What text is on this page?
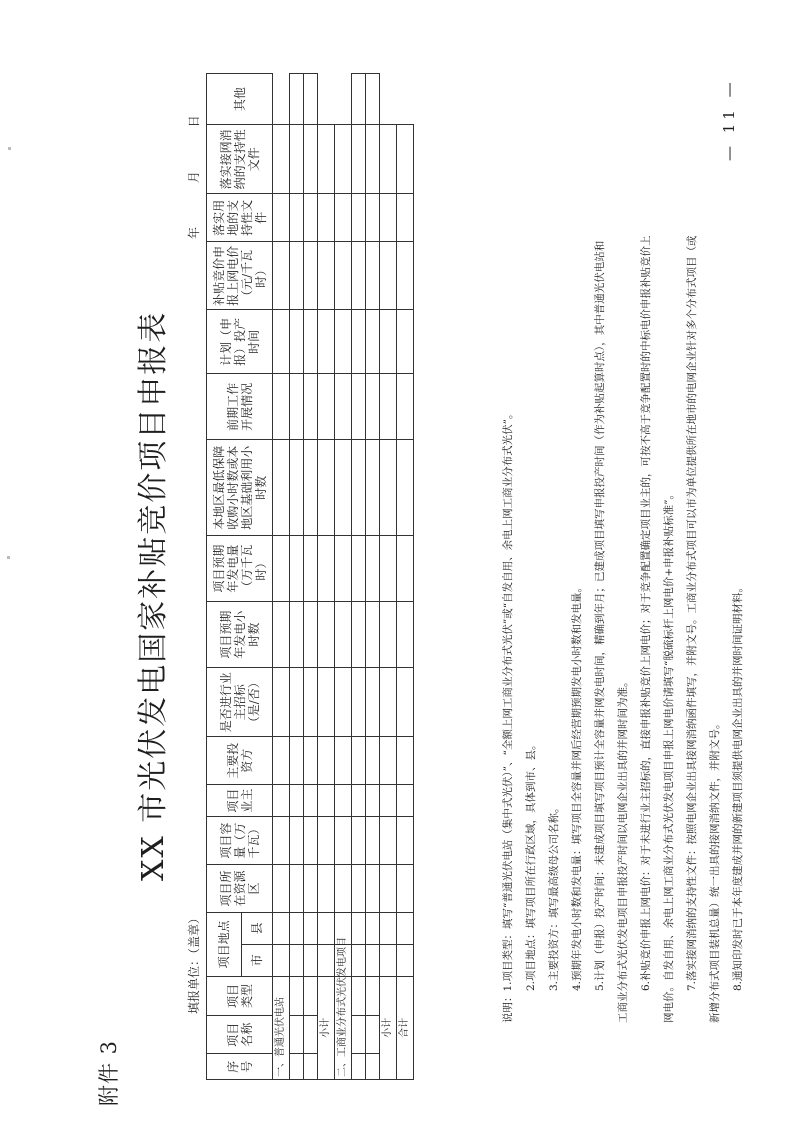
附件 3
XX 市光伏发电国家补贴竞价项目申报表
填报单位：（盖章）
年 月 日
序号	项目名称	项目类型	项目地点		项目所在资源区	项目容量（万千瓦）	项目业主	主要投资方	是否进行业主招标（是/否）	项目预期年发电小时数	项目预期年发电量（万千瓦时）	本地区最低保障收购小时数或本地区基础利用小时数	前期工作开展情况	计划（申报）投产时间	补贴竞价申报上网电价（元/千瓦时）	落实用地的支持性文件	落实接网消纳的支持性文件	其他
			市	县														
一、普通光伏电站																		

小计																		
二、工商业分布式光伏发电项目																		

小计																		
合计																		
说明：1.项目类型：填写“普通光伏电站（集中式光伏）”、“全额上网工商业分布式光伏”或“自发自用、余电上网工商业分布式光伏”。	2.项目地点：填写项目所在行政区域，具体到市、县。	3.主要投资方：填写最高级母公司名称。	4.预期年发电小时数和发电量：填写项目全容量并网后经营期预期发电小时数和发电量。	5.计划（申报）投产时间：未建成项目填写项目预计全容量并网发电时间，精确到年月；已建成项目填写申报投产时间（作为补贴起算时点），其中普通光伏电站和	工商业分布式光伏发电项目申报投产时间以电网企业出具的并网时间为准。	6.补贴竞价申报上网电价：对于未进行业主招标的，直接申报补贴竞价上网电价；对于竞争配置确定项目业主的，可按不高于竞争配置时的中标电价申报补贴竞价上	网电价。自发自用、余电上网工商业分布式光伏发电项目申报上网电价请填写“脱硫标杆上网电价+申报补贴标准”。	7.落实接网消纳的支持性文件：按照电网企业出具接网消纳函件填写，并附文号。工商业分布式项目可以市为单位提供所在地市的电网企业针对多个分布式项目（或	新增分布式项目装机总量）统一出具的接网消纳文件，并附文号。	8.通知印发时已于本年度建成并网的新建项目须提供电网企业出具的并网时间证明材料。
— 11 —
